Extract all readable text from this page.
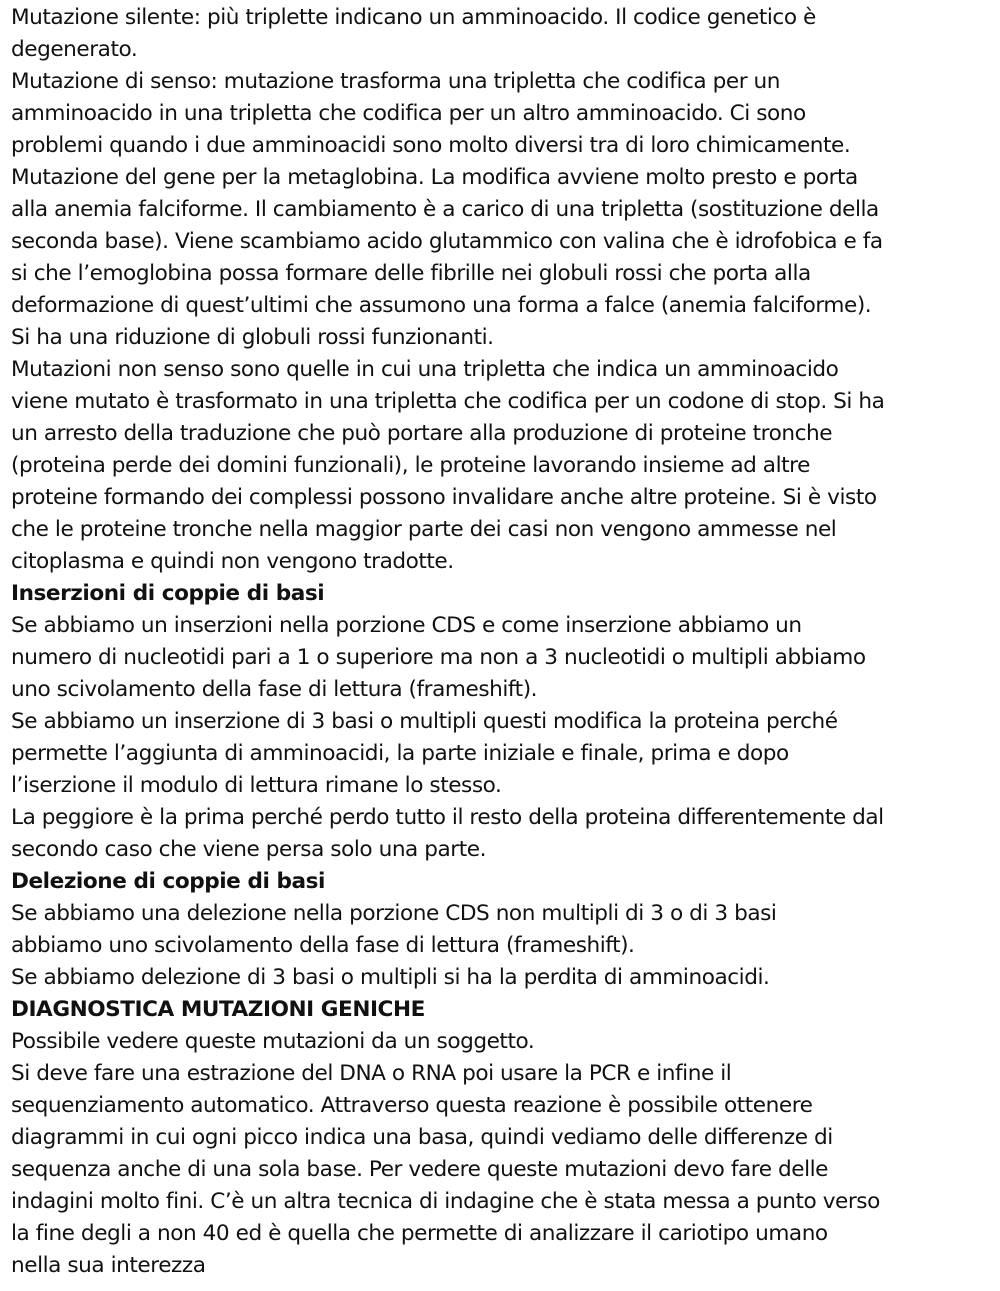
Mutazione silente: più triplette indicano un amminoacido. Il codice genetico è
degenerato.
Mutazione di senso: mutazione trasforma una tripletta che codifica per un
amminoacido in una tripletta che codifica per un altro amminoacido. Ci sono
problemi quando i due amminoacidi sono molto diversi tra di loro chimicamente.
Mutazione del gene per la metaglobina. La modifica avviene molto presto e porta
alla anemia falciforme. Il cambiamento è a carico di una tripletta (sostituzione della
seconda base). Viene scambiamo acido glutammico con valina che è idrofobica e fa
si che l’emoglobina possa formare delle fibrille nei globuli rossi che porta alla
deformazione di quest’ultimi che assumono una forma a falce (anemia falciforme).
Si ha una riduzione di globuli rossi funzionanti.
Mutazioni non senso sono quelle in cui una tripletta che indica un amminoacido
viene mutato è trasformato in una tripletta che codifica per un codone di stop. Si ha
un arresto della traduzione che può portare alla produzione di proteine tronche
(proteina perde dei domini funzionali), le proteine lavorando insieme ad altre
proteine formando dei complessi possono invalidare anche altre proteine. Si è visto
che le proteine tronche nella maggior parte dei casi non vengono ammesse nel
citoplasma e quindi non vengono tradotte.
Inserzioni di coppie di basi
Se abbiamo un inserzioni nella porzione CDS e come inserzione abbiamo un
numero di nucleotidi pari a 1 o superiore ma non a 3 nucleotidi o multipli abbiamo
uno scivolamento della fase di lettura (frameshift).
Se abbiamo un inserzione di 3 basi o multipli questi modifica la proteina perché
permette l’aggiunta di amminoacidi, la parte iniziale e finale, prima e dopo
l’iserzione il modulo di lettura rimane lo stesso.
La peggiore è la prima perché perdo tutto il resto della proteina differentemente dal
secondo caso che viene persa solo una parte.
Delezione di coppie di basi
Se abbiamo una delezione nella porzione CDS non multipli di 3 o di 3 basi
abbiamo uno scivolamento della fase di lettura (frameshift).
Se abbiamo delezione di 3 basi o multipli si ha la perdita di amminoacidi.
DIAGNOSTICA MUTAZIONI GENICHE
Possibile vedere queste mutazioni da un soggetto.
Si deve fare una estrazione del DNA o RNA poi usare la PCR e infine il
sequenziamento automatico. Attraverso questa reazione è possibile ottenere
diagrammi in cui ogni picco indica una basa, quindi vediamo delle differenze di
sequenza anche di una sola base. Per vedere queste mutazioni devo fare delle
indagini molto fini. C’è un altra tecnica di indagine che è stata messa a punto verso
la fine degli a non 40 ed è quella che permette di analizzare il cariotipo umano
nella sua interezza
